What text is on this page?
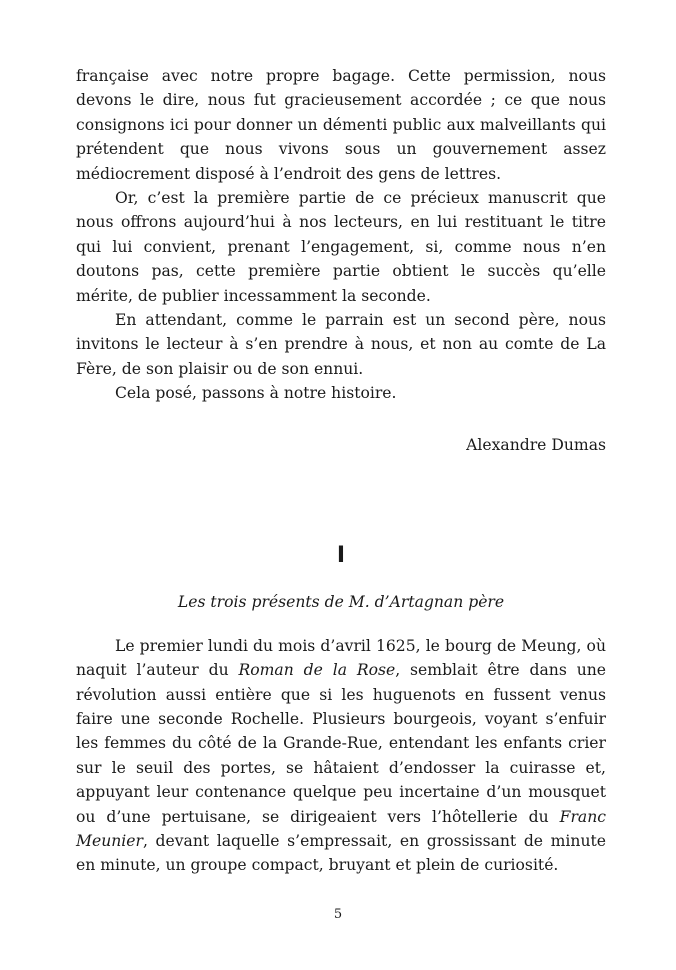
française avec notre propre bagage. Cette permission, nous devons le dire, nous fut gracieusement accordée ; ce que nous consignons ici pour donner un démenti public aux malveillants qui prétendent que nous vivons sous un gouvernement assez médiocrement disposé à l’endroit des gens de lettres.

Or, c’est la première partie de ce précieux manuscrit que nous offrons aujourd’hui à nos lecteurs, en lui restituant le titre qui lui convient, prenant l’engagement, si, comme nous n’en doutons pas, cette première partie obtient le succès qu’elle mérite, de publier incessamment la seconde.

En attendant, comme le parrain est un second père, nous invitons le lecteur à s’en prendre à nous, et non au comte de La Fère, de son plaisir ou de son ennui.

Cela posé, passons à notre histoire.

Alexandre Dumas
I
Les trois présents de M. d’Artagnan père

Le premier lundi du mois d’avril 1625, le bourg de Meung, où naquit l’auteur du Roman de la Rose, semblait être dans une révolution aussi entière que si les huguenots en fussent venus faire une seconde Rochelle. Plusieurs bourgeois, voyant s’enfuir les femmes du côté de la Grande-Rue, entendant les enfants crier sur le seuil des portes, se hâtaient d’endosser la cuirasse et, appuyant leur contenance quelque peu incertaine d’un mousquet ou d’une pertuisane, se dirigeaient vers l’hôtellerie du Franc Meunier, devant laquelle s’empressait, en grossissant de minute en minute, un groupe compact, bruyant et plein de curiosité.

5
